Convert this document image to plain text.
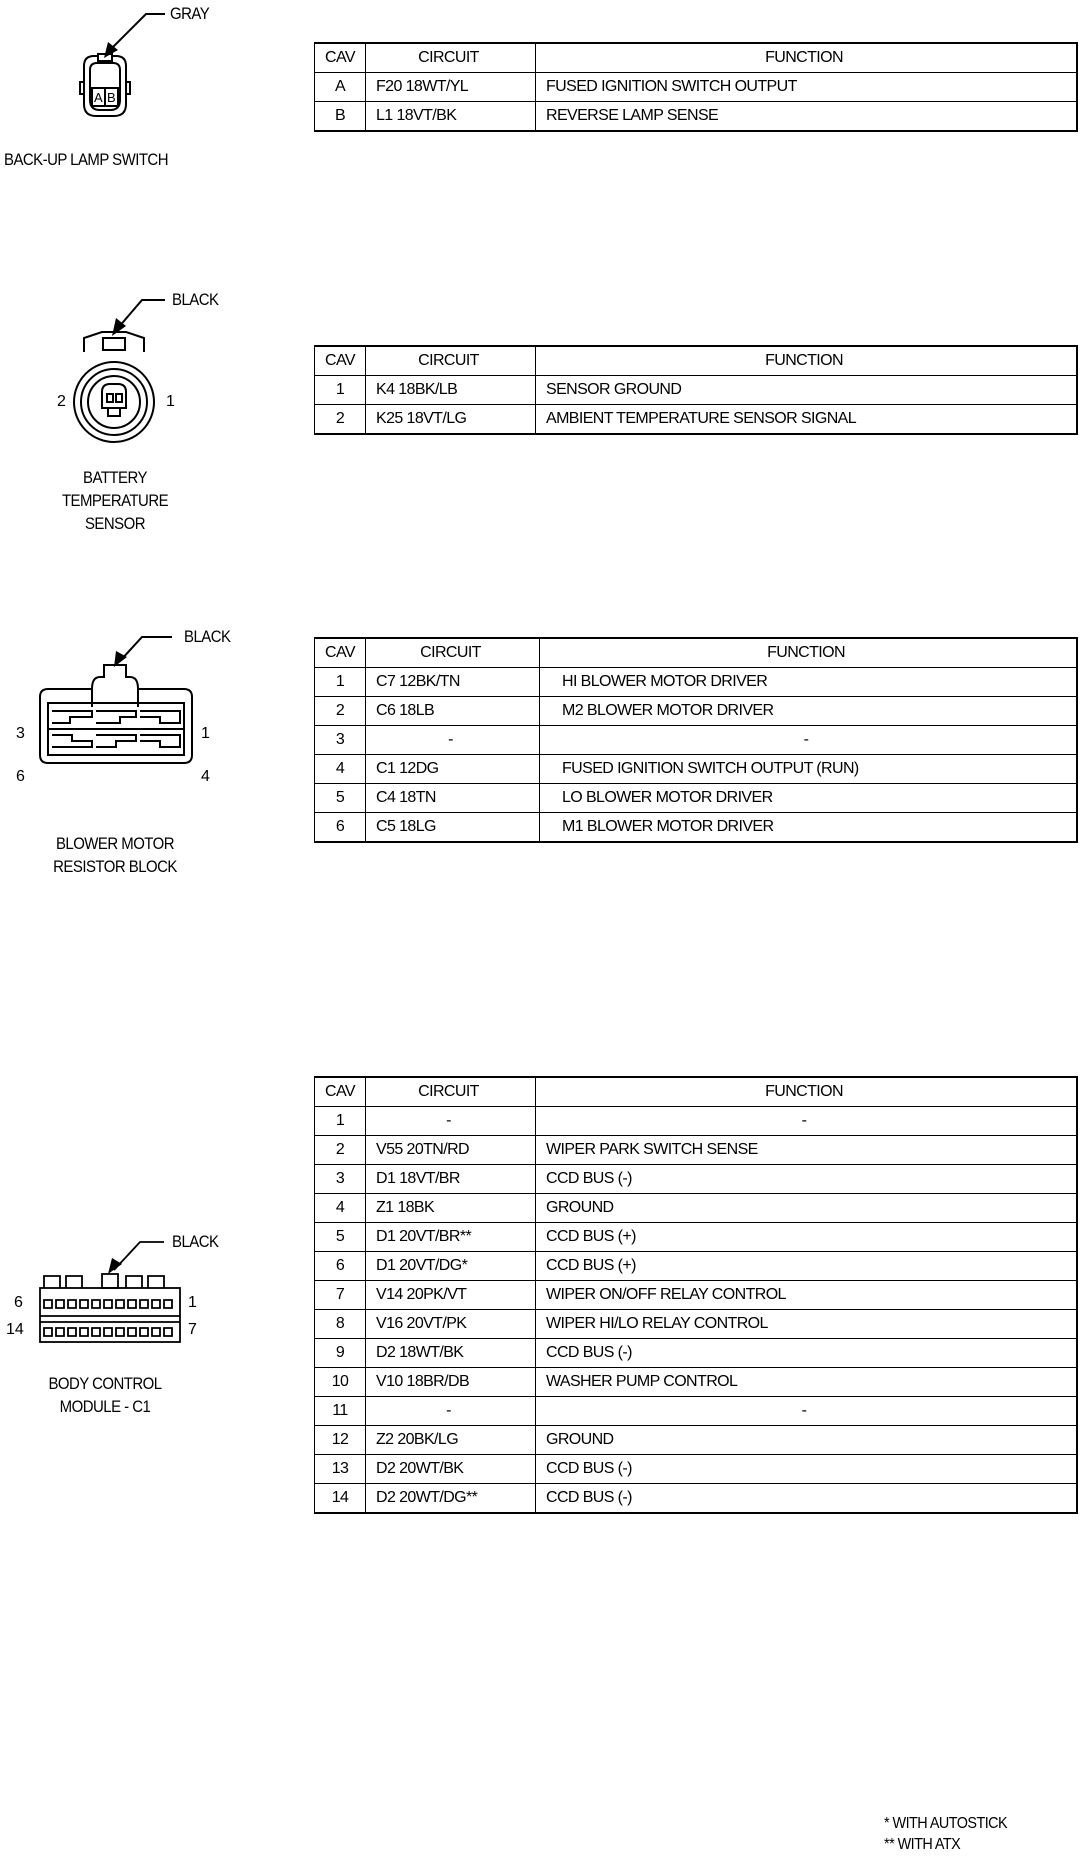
A B
GRAY
BACK-UP LAMP SWITCH
CAV	CIRCUIT	FUNCTION
A	F20 18WT/YL	FUSED IGNITION SWITCH OUTPUT
B	L1 18VT/BK	REVERSE LAMP SENSE
BLACK
2	1
BATTERY
TEMPERATURE
SENSOR
CAV	CIRCUIT	FUNCTION
1	K4 18BK/LB	SENSOR GROUND
2	K25 18VT/LG	AMBIENT TEMPERATURE SENSOR SIGNAL
BLACK
3	1
6	4
BLOWER MOTOR
RESISTOR BLOCK
CAV	CIRCUIT	FUNCTION
1	C7 12BK/TN	HI BLOWER MOTOR DRIVER
2	C6 18LB	M2 BLOWER MOTOR DRIVER
3	-	-
4	C1 12DG	FUSED IGNITION SWITCH OUTPUT (RUN)
5	C4 18TN	LO BLOWER MOTOR DRIVER
6	C5 18LG	M1 BLOWER MOTOR DRIVER
BLACK
6	1
14	7
BODY CONTROL
MODULE - C1
CAV	CIRCUIT	FUNCTION
1	-	-
2	V55 20TN/RD	WIPER PARK SWITCH SENSE
3	D1 18VT/BR	CCD BUS (-)
4	Z1 18BK	GROUND
5	D1 20VT/BR**	CCD BUS (+)
6	D1 20VT/DG*	CCD BUS (+)
7	V14 20PK/VT	WIPER ON/OFF RELAY CONTROL
8	V16 20VT/PK	WIPER HI/LO RELAY CONTROL
9	D2 18WT/BK	CCD BUS (-)
10	V10 18BR/DB	WASHER PUMP CONTROL
11	-	-
12	Z2 20BK/LG	GROUND
13	D2 20WT/BK	CCD BUS (-)
14	D2 20WT/DG**	CCD BUS (-)
* WITH AUTOSTICK
** WITH ATX
